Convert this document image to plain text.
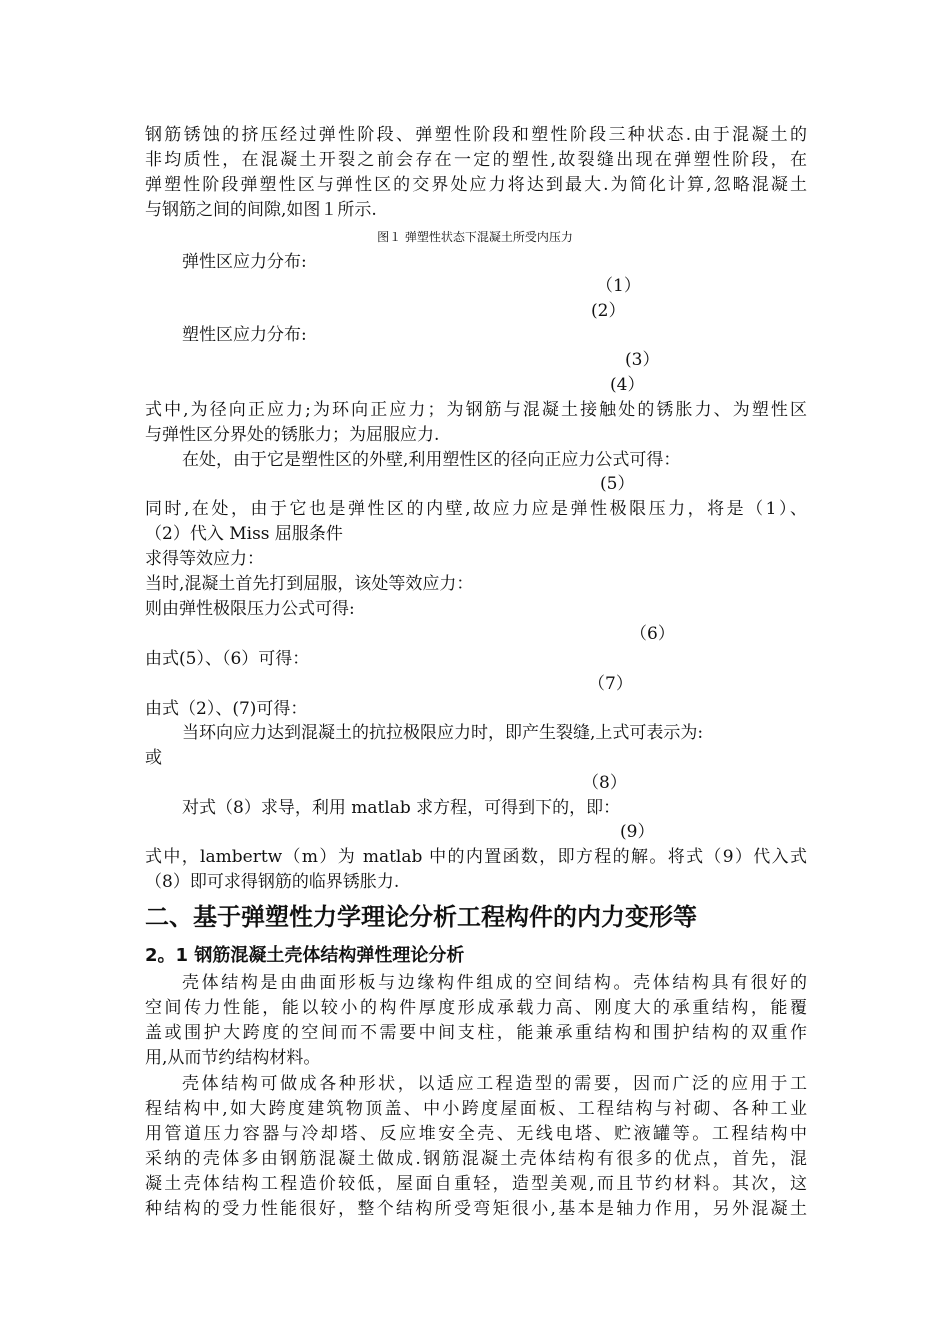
钢筋锈蚀的挤压经过弹性阶段、弹塑性阶段和塑性阶段三种状态.由于混凝土的
非均质性，在混凝土开裂之前会存在一定的塑性,故裂缝出现在弹塑性阶段，在
弹塑性阶段弹塑性区与弹性区的交界处应力将达到最大.为简化计算,忽略混凝土
与钢筋之间的间隙,如图１所示.
图１ 弹塑性状态下混凝土所受内压力
弹性区应力分布:
（1）
(2）
塑性区应力分布:
(3）
(4）
式中,为径向正应力;为环向正应力；为钢筋与混凝土接触处的锈胀力、为塑性区
与弹性区分界处的锈胀力；为屈服应力.
在处，由于它是塑性区的外壁,利用塑性区的径向正应力公式可得：
(5）
同时,在处，由于它也是弹性区的内壁,故应力应是弹性极限压力，将是（1）、
（2）代入 Miss 屈服条件
求得等效应力：
当时,混凝土首先打到屈服，该处等效应力：
则由弹性极限压力公式可得:
（6）
由式(5）、（6）可得：
（7）
由式（2）、(7)可得：
当环向应力达到混凝土的抗拉极限应力时，即产生裂缝,上式可表示为:
或
（8）
对式（8）求导，利用 matlab 求方程，可得到下的，即：
(9）
式中，lambertw（m）为 matlab 中的内置函数，即方程的解。将式（9）代入式
（8）即可求得钢筋的临界锈胀力.
二、基于弹塑性力学理论分析工程构件的内力变形等
2。1 钢筋混凝土壳体结构弹性理论分析
壳体结构是由曲面形板与边缘构件组成的空间结构。壳体结构具有很好的
空间传力性能，能以较小的构件厚度形成承载力高、刚度大的承重结构，能覆
盖或围护大跨度的空间而不需要中间支柱，能兼承重结构和围护结构的双重作
用,从而节约结构材料。
壳体结构可做成各种形状，以适应工程造型的需要，因而广泛的应用于工
程结构中,如大跨度建筑物顶盖、中小跨度屋面板、工程结构与衬砌、各种工业
用管道压力容器与冷却塔、反应堆安全壳、无线电塔、贮液罐等。工程结构中
采纳的壳体多由钢筋混凝土做成.钢筋混凝土壳体结构有很多的优点，首先，混
凝土壳体结构工程造价较低，屋面自重轻，造型美观,而且节约材料。其次，这
种结构的受力性能很好，整个结构所受弯矩很小,基本是轴力作用，另外混凝土
